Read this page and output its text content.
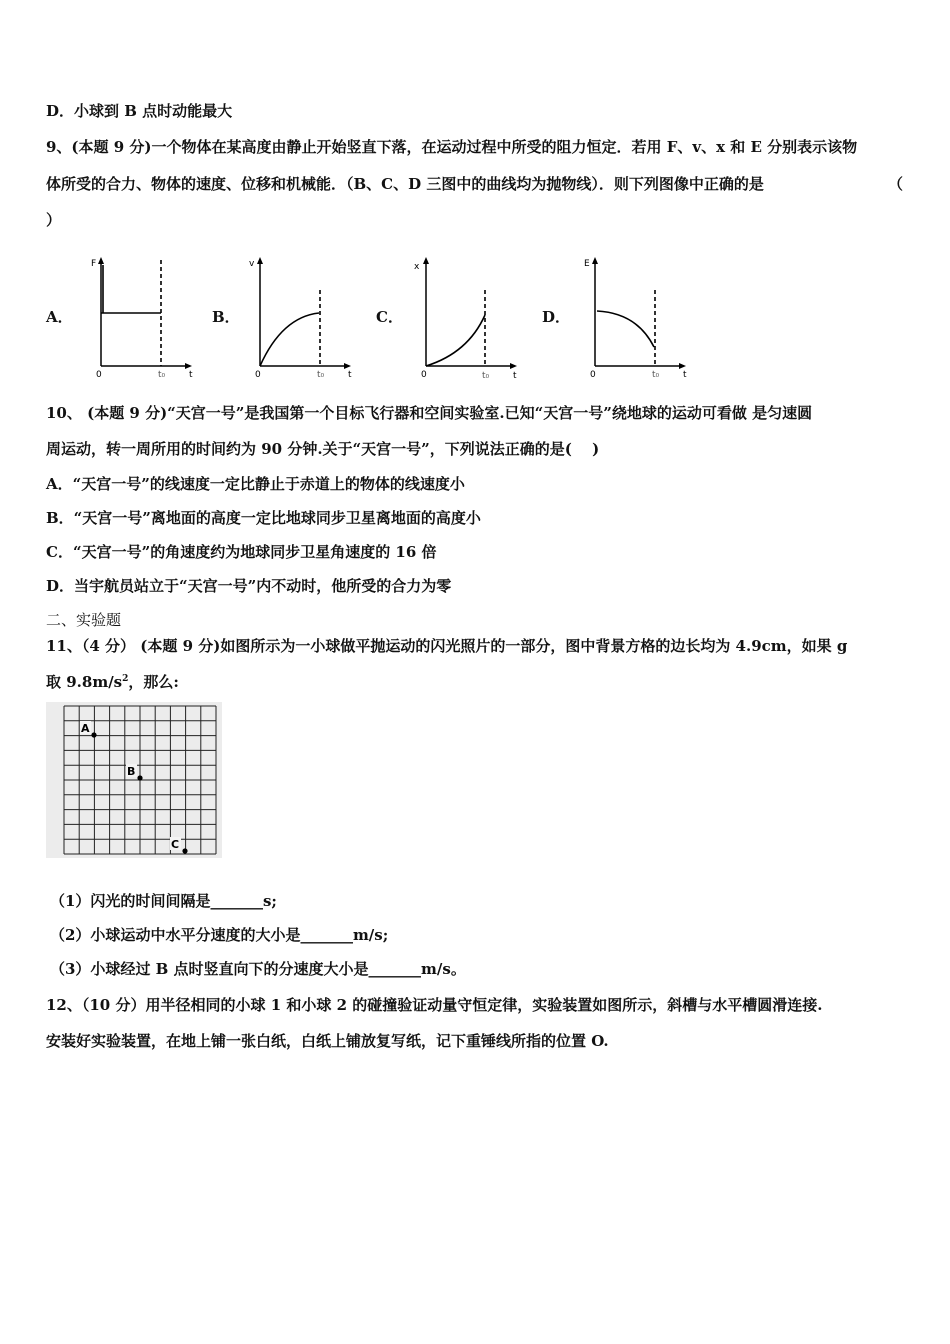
D．小球到 B 点时动能最大
9、(本题 9 分)一个物体在某高度由静止开始竖直下落，在运动过程中所受的阻力恒定．若用 F、v、x 和 E 分别表示该物
体所受的合力、物体的速度、位移和机械能．（B、C、D 三图中的曲线均为抛物线）．则下列图像中正确的是	（
）
A．	B．	C．	D．
F
0	t₀	t
v
0	t₀	t
x
0	t₀	t
E
0	t₀	t
10、 (本题 9 分)“天宫一号”是我国第一个目标飞行器和空间实验室.已知“天宫一号”绕地球的运动可看做 是匀速圆
周运动，转一周所用的时间约为 90 分钟.关于“天宫一号”，下列说法正确的是(　 )
A．“天宫一号”的线速度一定比静止于赤道上的物体的线速度小
B．“天宫一号”离地面的高度一定比地球同步卫星离地面的高度小
C．“天宫一号”的角速度约为地球同步卫星角速度的 16 倍
D．当宇航员站立于“天宫一号”内不动时，他所受的合力为零
二、实验题
11、（4 分） (本题 9 分)如图所示为一小球做平抛运动的闪光照片的一部分，图中背景方格的边长均为 4.9cm，如果 g
取 $9.8m/s^2$，那么:
A
B
C
（1）闪光的时间间隔是_______s;
（2）小球运动中水平分速度的大小是_______m/s;
（3）小球经过 B 点时竖直向下的分速度大小是_______m/s。
12、（10 分）用半径相同的小球 1 和小球 2 的碰撞验证动量守恒定律，实验装置如图所示，斜槽与水平槽圆滑连接.
安装好实验装置，在地上铺一张白纸，白纸上铺放复写纸，记下重锤线所指的位置 O.
